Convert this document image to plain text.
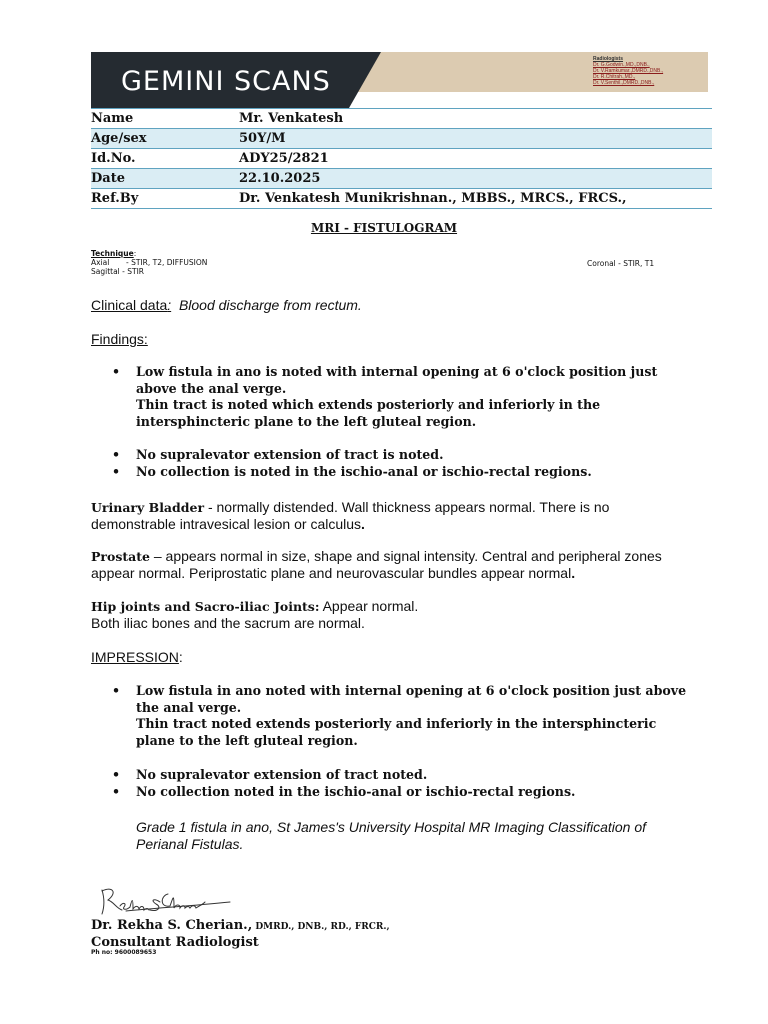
GEMINI SCANS
Radiologists
Dr. G.Godwin.,MD.,DNB.,
Dr. V.Ramkumar.,DMRD.,DNB.,
Dr. R.Chitrah.,MD.,
Dr. V.Senthil.,DMRD.,DNB.,
Name	Mr. Venkatesh
Age/sex	50Y/M
Id.No.	ADY25/2821
Date	22.10.2025
Ref.By	Dr. Venkatesh Munikrishnan., MBBS., MRCS., FRCS.,
MRI - FISTULOGRAM
Technique:
Axial       - STIR, T2, DIFFUSION
Sagittal - STIR
Coronal - STIR, T1
Clinical data: Blood discharge from rectum.
Findings:
• Low fistula in ano is noted with internal opening at 6 o'clock position just above the anal verge.
Thin tract is noted which extends posteriorly and inferiorly in the intersphincteric plane to the left gluteal region.
• No supralevator extension of tract is noted.
• No collection is noted in the ischio-anal or ischio-rectal regions.
Urinary Bladder - normally distended. Wall thickness appears normal. There is no demonstrable intravesical lesion or calculus.
Prostate – appears normal in size, shape and signal intensity. Central and peripheral zones appear normal. Periprostatic plane and neurovascular bundles appear normal.
Hip joints and Sacro-iliac Joints: Appear normal.
Both iliac bones and the sacrum are normal.
IMPRESSION:
• Low fistula in ano noted with internal opening at 6 o'clock position just above the anal verge.
Thin tract noted extends posteriorly and inferiorly in the intersphincteric plane to the left gluteal region.
• No supralevator extension of tract noted.
• No collection noted in the ischio-anal or ischio-rectal regions.
Grade 1 fistula in ano, St James's University Hospital MR Imaging Classification of Perianal Fistulas.
Dr. Rekha S. Cherian., DMRD., DNB., RD., FRCR.,
Consultant Radiologist
Ph no: 9600089653
